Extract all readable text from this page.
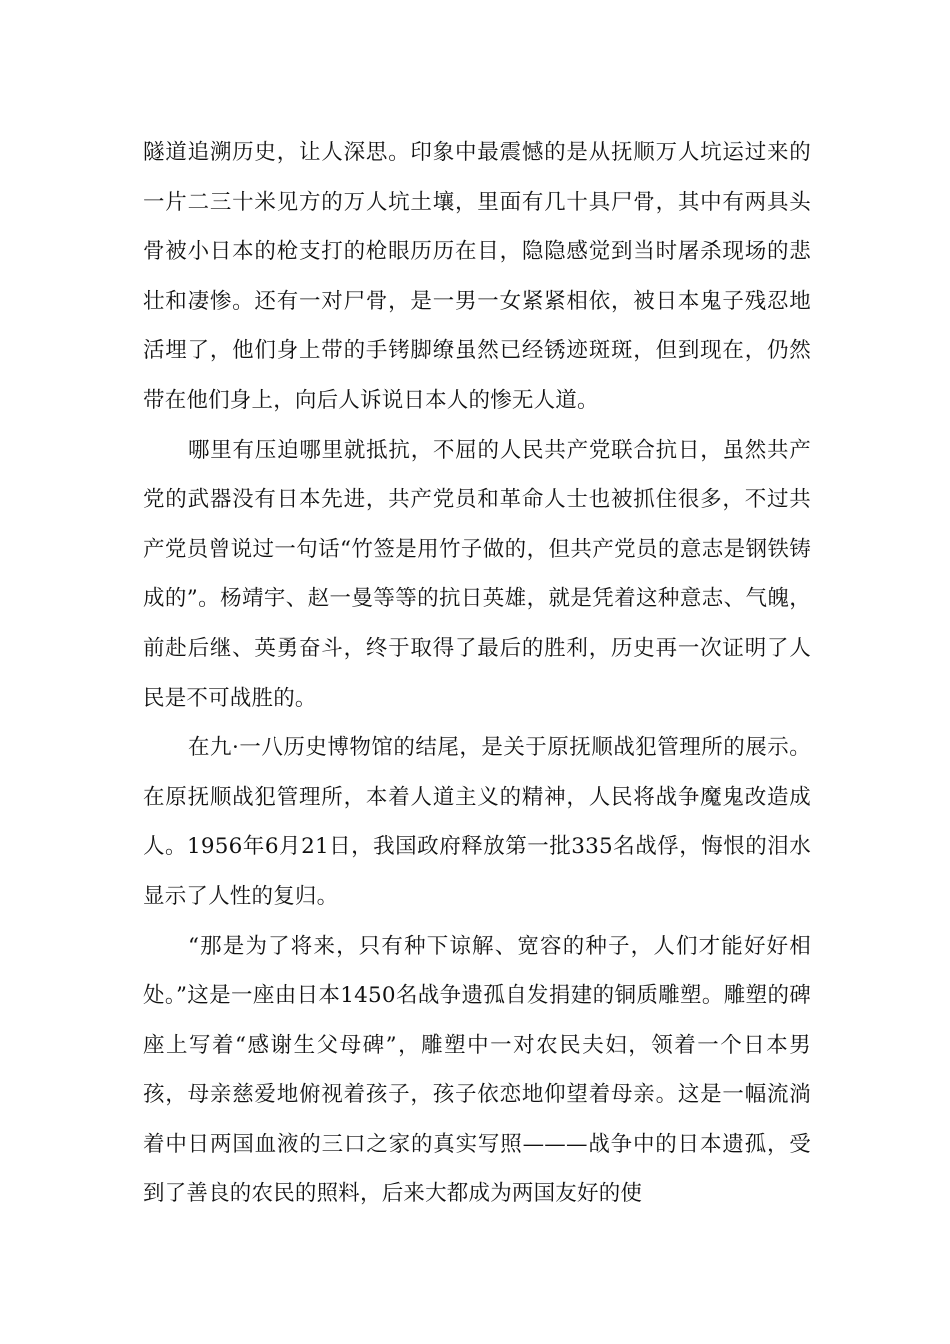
隧道追溯历史，让人深思。印象中最震憾的是从抚顺万人坑运过来的一片二三十米见方的万人坑土壤，里面有几十具尸骨，其中有两具头骨被小日本的枪支打的枪眼历历在目，隐隐感觉到当时屠杀现场的悲壮和凄惨。还有一对尸骨，是一男一女紧紧相依，被日本鬼子残忍地活埋了，他们身上带的手铐脚缭虽然已经锈迹斑斑，但到现在，仍然带在他们身上，向后人诉说日本人的惨无人道。

哪里有压迫哪里就抵抗，不屈的人民共产党联合抗日，虽然共产党的武器没有日本先进，共产党员和革命人士也被抓住很多，不过共产党员曾说过一句话“竹签是用竹子做的，但共产党员的意志是钢铁铸成的”。杨靖宇、赵一曼等等的抗日英雄，就是凭着这种意志、气魄，前赴后继、英勇奋斗，终于取得了最后的胜利，历史再一次证明了人民是不可战胜的。

在九·一八历史博物馆的结尾，是关于原抚顺战犯管理所的展示。在原抚顺战犯管理所，本着人道主义的精神，人民将战争魔鬼改造成人。1956年6月21日，我国政府释放第一批335名战俘，悔恨的泪水显示了人性的复归。

“那是为了将来，只有种下谅解、宽容的种子，人们才能好好相处。”这是一座由日本1450名战争遗孤自发捐建的铜质雕塑。雕塑的碑座上写着“感谢生父母碑”，雕塑中一对农民夫妇，领着一个日本男孩，母亲慈爱地俯视着孩子，孩子依恋地仰望着母亲。这是一幅流淌着中日两国血液的三口之家的真实写照———战争中的日本遗孤，受到了善良的农民的照料，后来大都成为两国友好的使
